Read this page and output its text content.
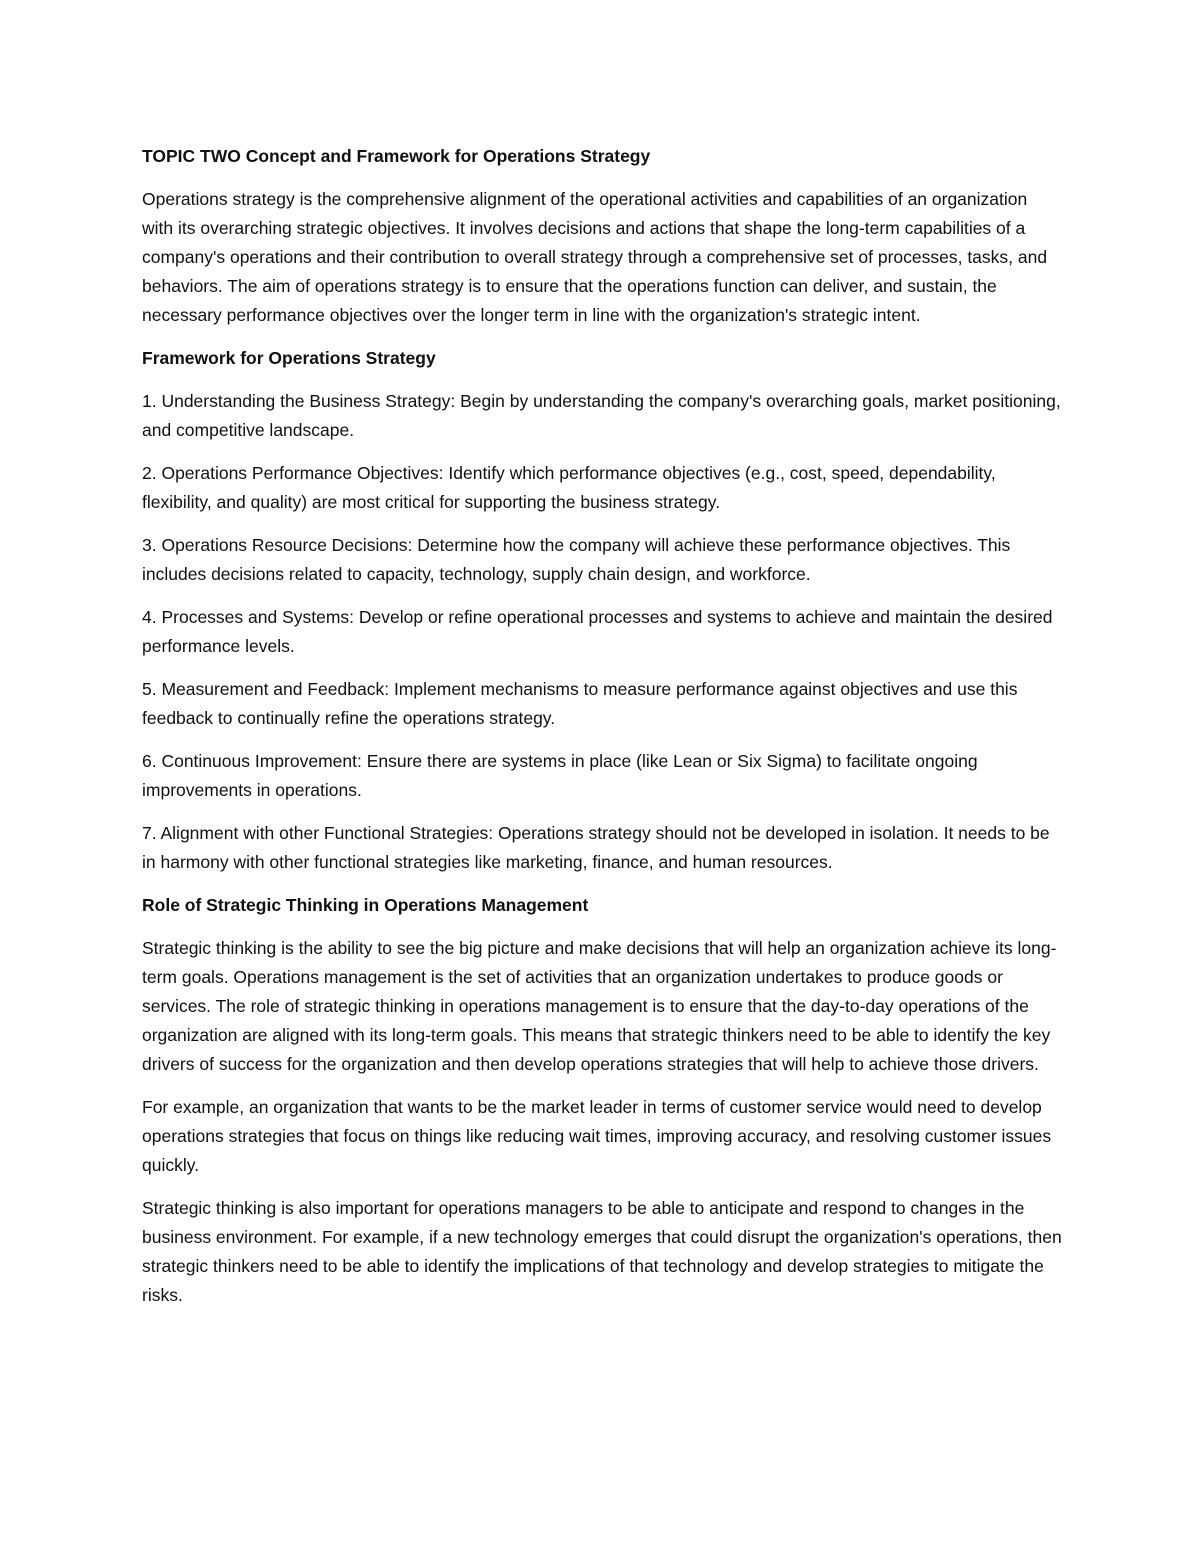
TOPIC TWO Concept and Framework for Operations Strategy

Operations strategy is the comprehensive alignment of the operational activities and capabilities of an organization with its overarching strategic objectives. It involves decisions and actions that shape the long-term capabilities of a company's operations and their contribution to overall strategy through a comprehensive set of processes, tasks, and behaviors. The aim of operations strategy is to ensure that the operations function can deliver, and sustain, the necessary performance objectives over the longer term in line with the organization's strategic intent.

Framework for Operations Strategy

1. Understanding the Business Strategy: Begin by understanding the company's overarching goals, market positioning, and competitive landscape.

2. Operations Performance Objectives: Identify which performance objectives (e.g., cost, speed, dependability, flexibility, and quality) are most critical for supporting the business strategy.

3. Operations Resource Decisions: Determine how the company will achieve these performance objectives. This includes decisions related to capacity, technology, supply chain design, and workforce.

4. Processes and Systems: Develop or refine operational processes and systems to achieve and maintain the desired performance levels.

5. Measurement and Feedback: Implement mechanisms to measure performance against objectives and use this feedback to continually refine the operations strategy.

6. Continuous Improvement: Ensure there are systems in place (like Lean or Six Sigma) to facilitate ongoing improvements in operations.

7. Alignment with other Functional Strategies: Operations strategy should not be developed in isolation. It needs to be in harmony with other functional strategies like marketing, finance, and human resources.

Role of Strategic Thinking in Operations Management

Strategic thinking is the ability to see the big picture and make decisions that will help an organization achieve its long-term goals. Operations management is the set of activities that an organization undertakes to produce goods or services. The role of strategic thinking in operations management is to ensure that the day-to-day operations of the organization are aligned with its long-term goals. This means that strategic thinkers need to be able to identify the key drivers of success for the organization and then develop operations strategies that will help to achieve those drivers.

For example, an organization that wants to be the market leader in terms of customer service would need to develop operations strategies that focus on things like reducing wait times, improving accuracy, and resolving customer issues quickly.

Strategic thinking is also important for operations managers to be able to anticipate and respond to changes in the business environment. For example, if a new technology emerges that could disrupt the organization's operations, then strategic thinkers need to be able to identify the implications of that technology and develop strategies to mitigate the risks.
